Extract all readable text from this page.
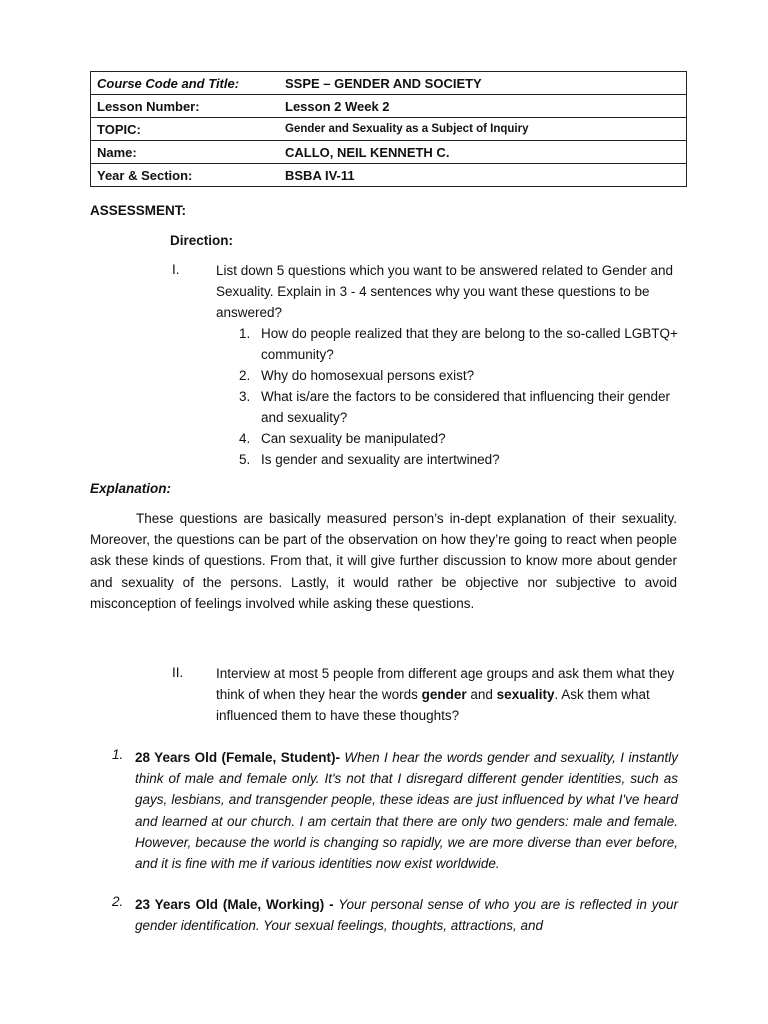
Course Code and Title:	SSPE – GENDER AND SOCIETY
Lesson Number:	Lesson 2 Week 2
TOPIC:	Gender and Sexuality as a Subject of Inquiry
Name:	CALLO, NEIL KENNETH C.
Year & Section:	BSBA IV-11
ASSESSMENT:
Direction:
I.	List down 5 questions which you want to be answered related to Gender and Sexuality. Explain in 3 - 4 sentences why you want these questions to be answered?
1. How do people realized that they are belong to the so-called LGBTQ+ community?
2. Why do homosexual persons exist?
3. What is/are the factors to be considered that influencing their gender and sexuality?
4. Can sexuality be manipulated?
5. Is gender and sexuality are intertwined?
Explanation:
These questions are basically measured person’s in-dept explanation of their sexuality. Moreover, the questions can be part of the observation on how they’re going to react when people ask these kinds of questions. From that, it will give further discussion to know more about gender and sexuality of the persons. Lastly, it would rather be objective nor subjective to avoid misconception of feelings involved while asking these questions.
II. Interview at most 5 people from different age groups and ask them what they think of when they hear the words gender and sexuality. Ask them what influenced them to have these thoughts?
1. 28 Years Old (Female, Student)- When I hear the words gender and sexuality, I instantly think of male and female only. It's not that I disregard different gender identities, such as gays, lesbians, and transgender people, these ideas are just influenced by what I've heard and learned at our church. I am certain that there are only two genders: male and female. However, because the world is changing so rapidly, we are more diverse than ever before, and it is fine with me if various identities now exist worldwide.
2. 23 Years Old (Male, Working) - Your personal sense of who you are is reflected in your gender identification. Your sexual feelings, thoughts, attractions, and
